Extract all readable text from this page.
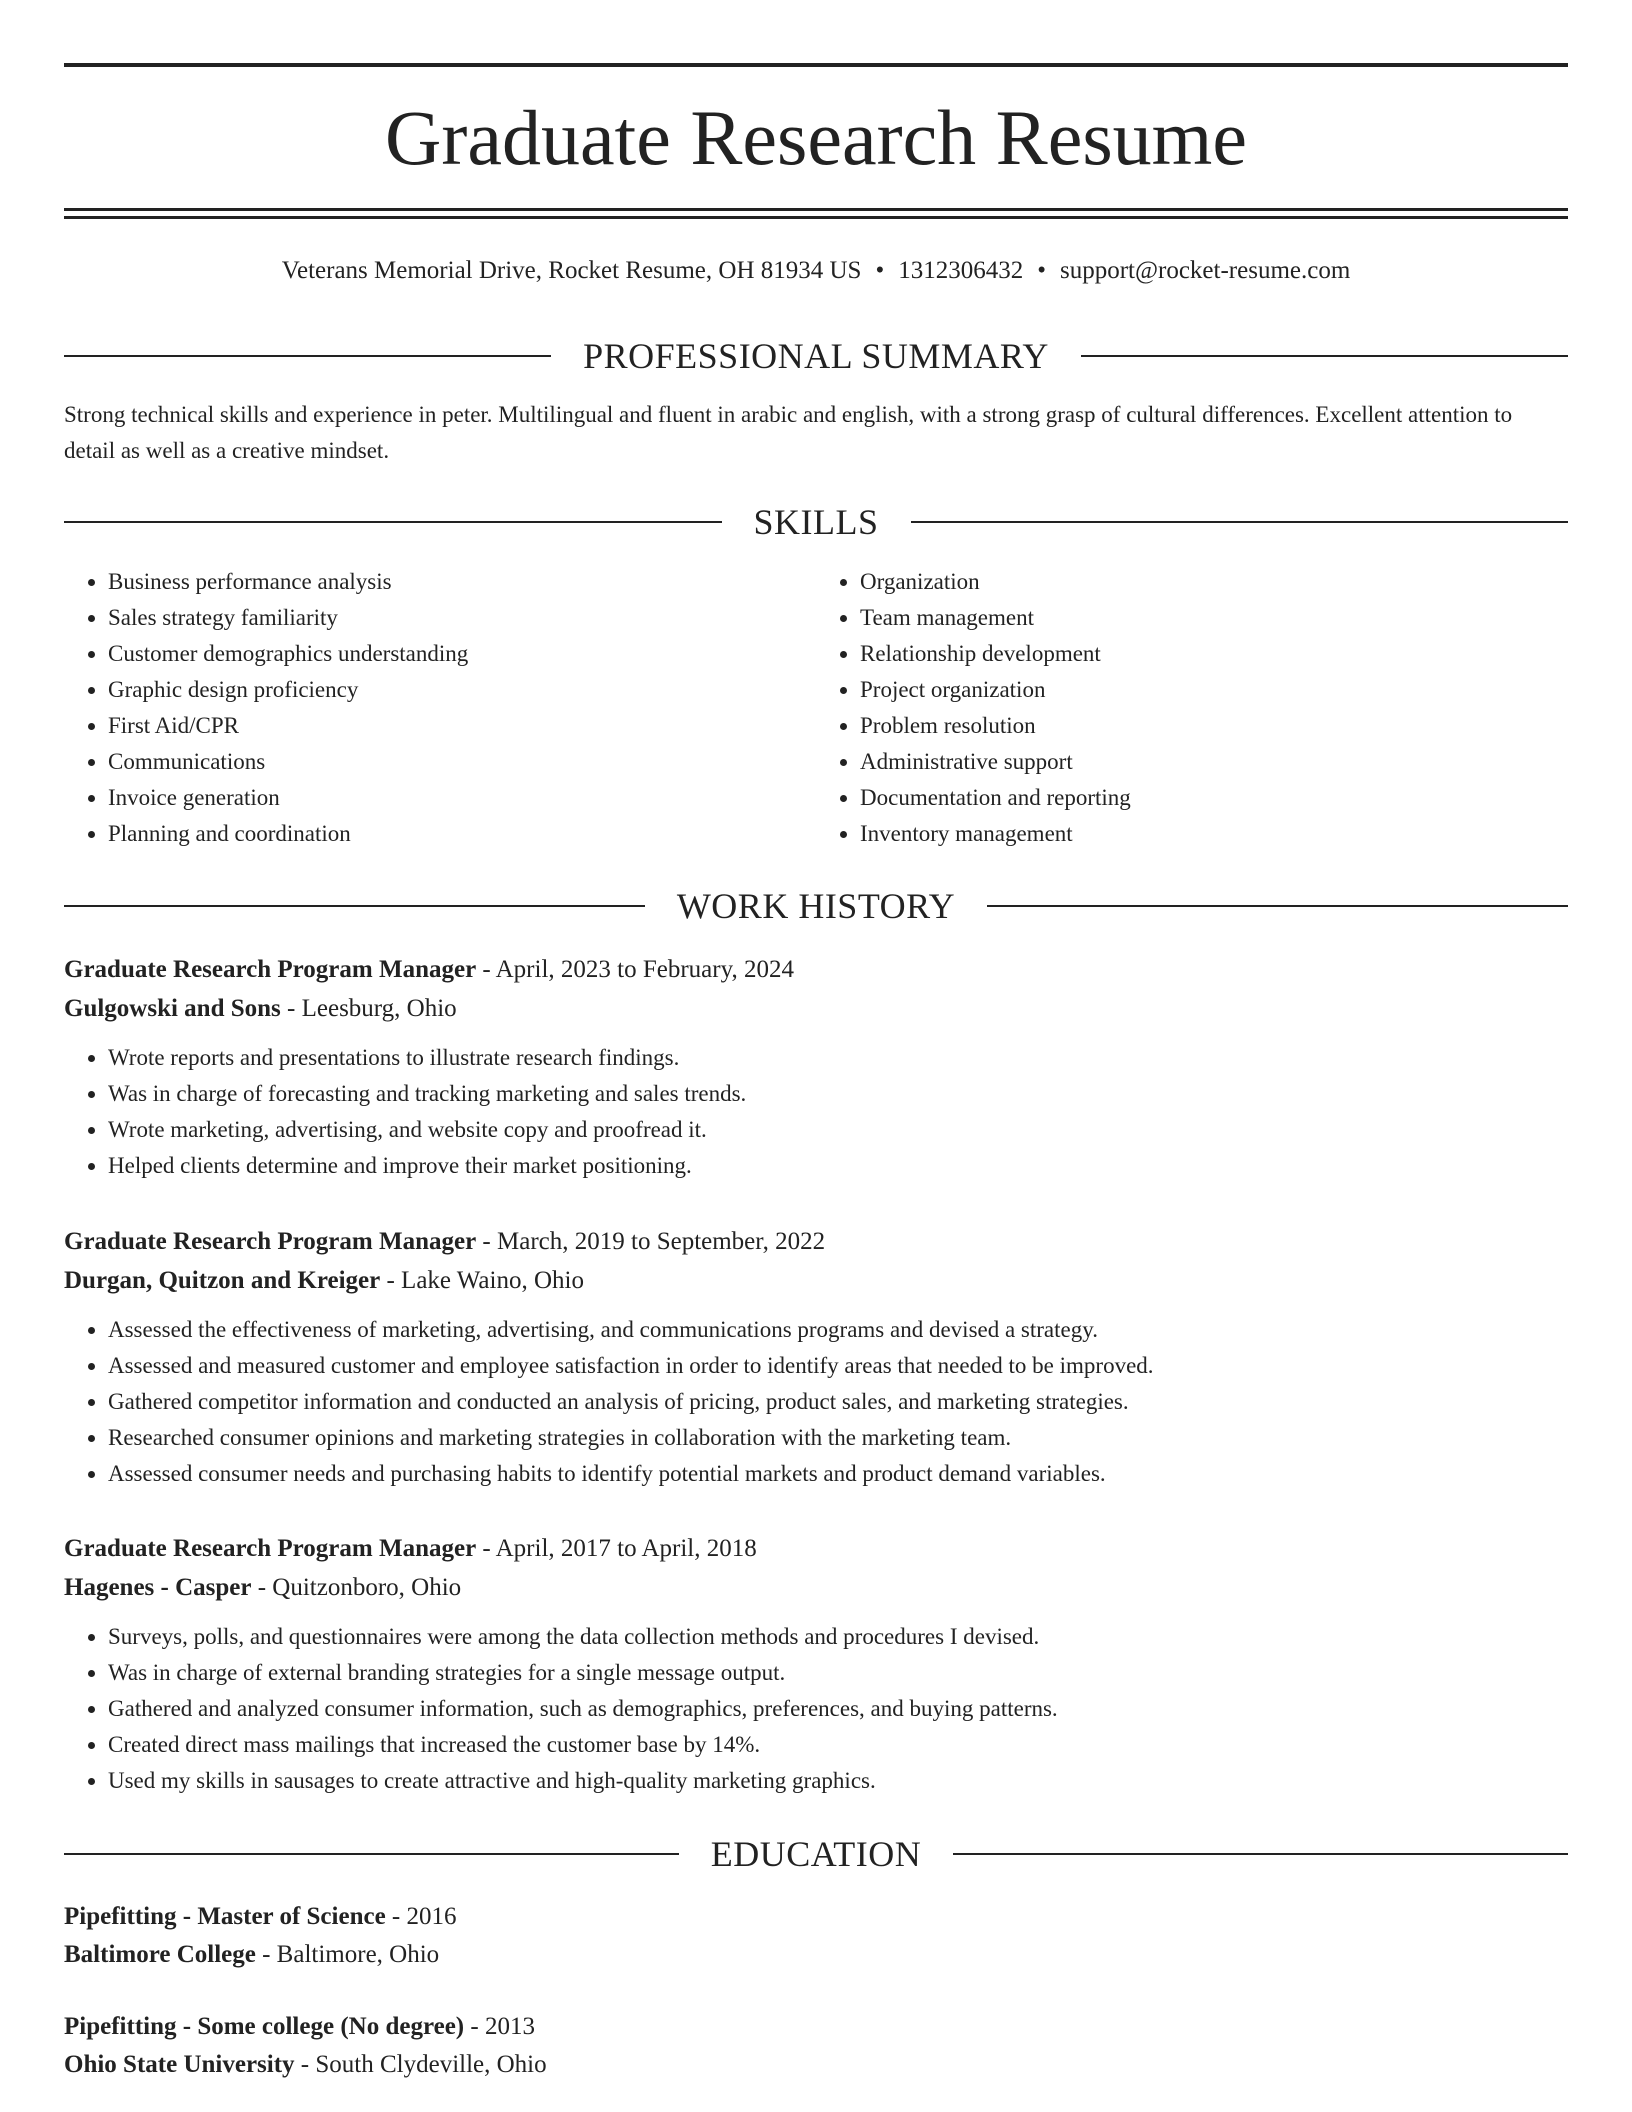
Graduate Research Resume
Veterans Memorial Drive, Rocket Resume, OH 81934 US • 1312306432 • support@rocket-resume.com
PROFESSIONAL SUMMARY

Strong technical skills and experience in peter. Multilingual and fluent in arabic and english, with a strong grasp of cultural differences. Excellent attention to detail as well as a creative mindset.

SKILLS
• Business performance analysis
• Sales strategy familiarity
• Customer demographics understanding
• Graphic design proficiency
• First Aid/CPR
• Communications
• Invoice generation
• Planning and coordination
• Organization
• Team management
• Relationship development
• Project organization
• Problem resolution
• Administrative support
• Documentation and reporting
• Inventory management
WORK HISTORY

Graduate Research Program Manager - April, 2023 to February, 2024

Gulgowski and Sons - Leesburg, Ohio

• Wrote reports and presentations to illustrate research findings.
• Was in charge of forecasting and tracking marketing and sales trends.
• Wrote marketing, advertising, and website copy and proofread it.
• Helped clients determine and improve their market positioning.

Graduate Research Program Manager - March, 2019 to September, 2022

Durgan, Quitzon and Kreiger - Lake Waino, Ohio

• Assessed the effectiveness of marketing, advertising, and communications programs and devised a strategy.
• Assessed and measured customer and employee satisfaction in order to identify areas that needed to be improved.
• Gathered competitor information and conducted an analysis of pricing, product sales, and marketing strategies.
• Researched consumer opinions and marketing strategies in collaboration with the marketing team.
• Assessed consumer needs and purchasing habits to identify potential markets and product demand variables.

Graduate Research Program Manager - April, 2017 to April, 2018

Hagenes - Casper - Quitzonboro, Ohio

• Surveys, polls, and questionnaires were among the data collection methods and procedures I devised.
• Was in charge of external branding strategies for a single message output.
• Gathered and analyzed consumer information, such as demographics, preferences, and buying patterns.
• Created direct mass mailings that increased the customer base by 14%.
• Used my skills in sausages to create attractive and high-quality marketing graphics.
EDUCATION

Pipefitting - Master of Science - 2016

Baltimore College - Baltimore, Ohio

Pipefitting - Some college (No degree) - 2013

Ohio State University - South Clydeville, Ohio
